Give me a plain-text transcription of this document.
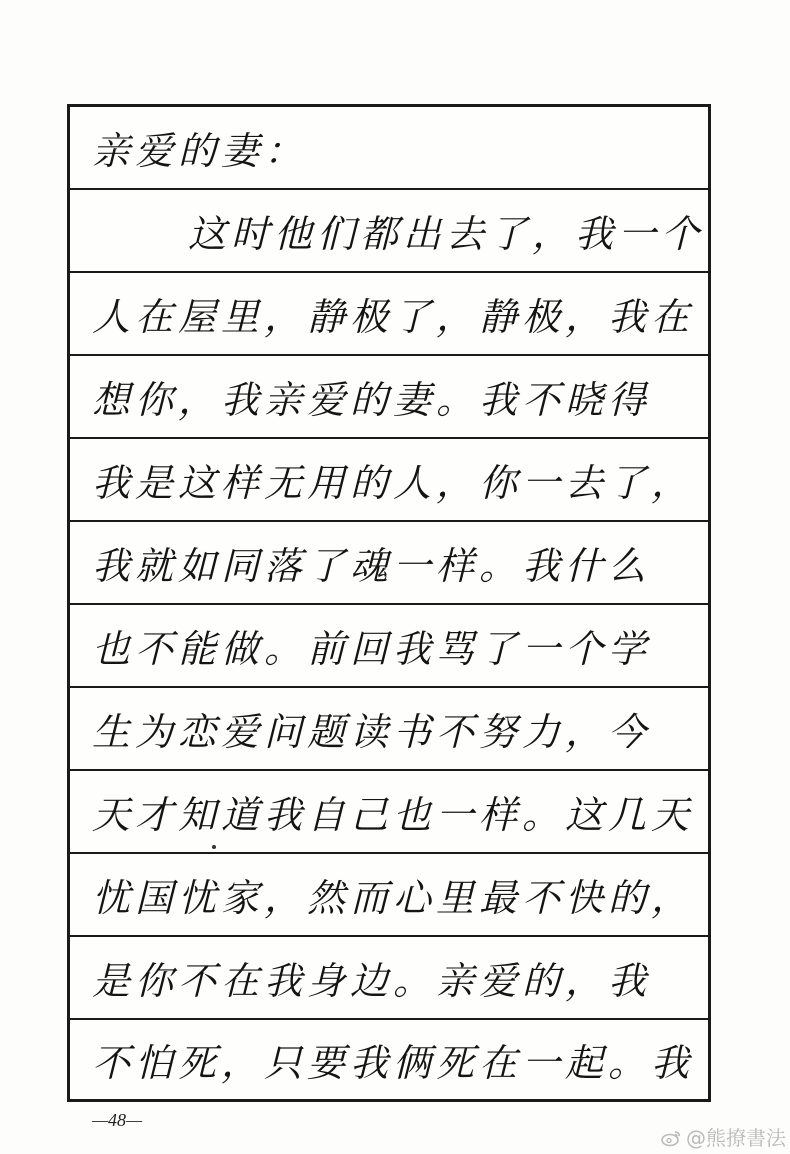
亲爱的妻：
这时他们都出去了，我一个
人在屋里，静极了，静极，我在
想你，我亲爱的妻。我不晓得
我是这样无用的人，你一去了，
我就如同落了魂一样。我什么
也不能做。前回我骂了一个学
生为恋爱问题读书不努力，今
天才知道我自己也一样。这几天
忧国忧家，然而心里最不快的，
是你不在我身边。亲爱的，我
不怕死，只要我俩死在一起。我
—48—
@熊撩書法
